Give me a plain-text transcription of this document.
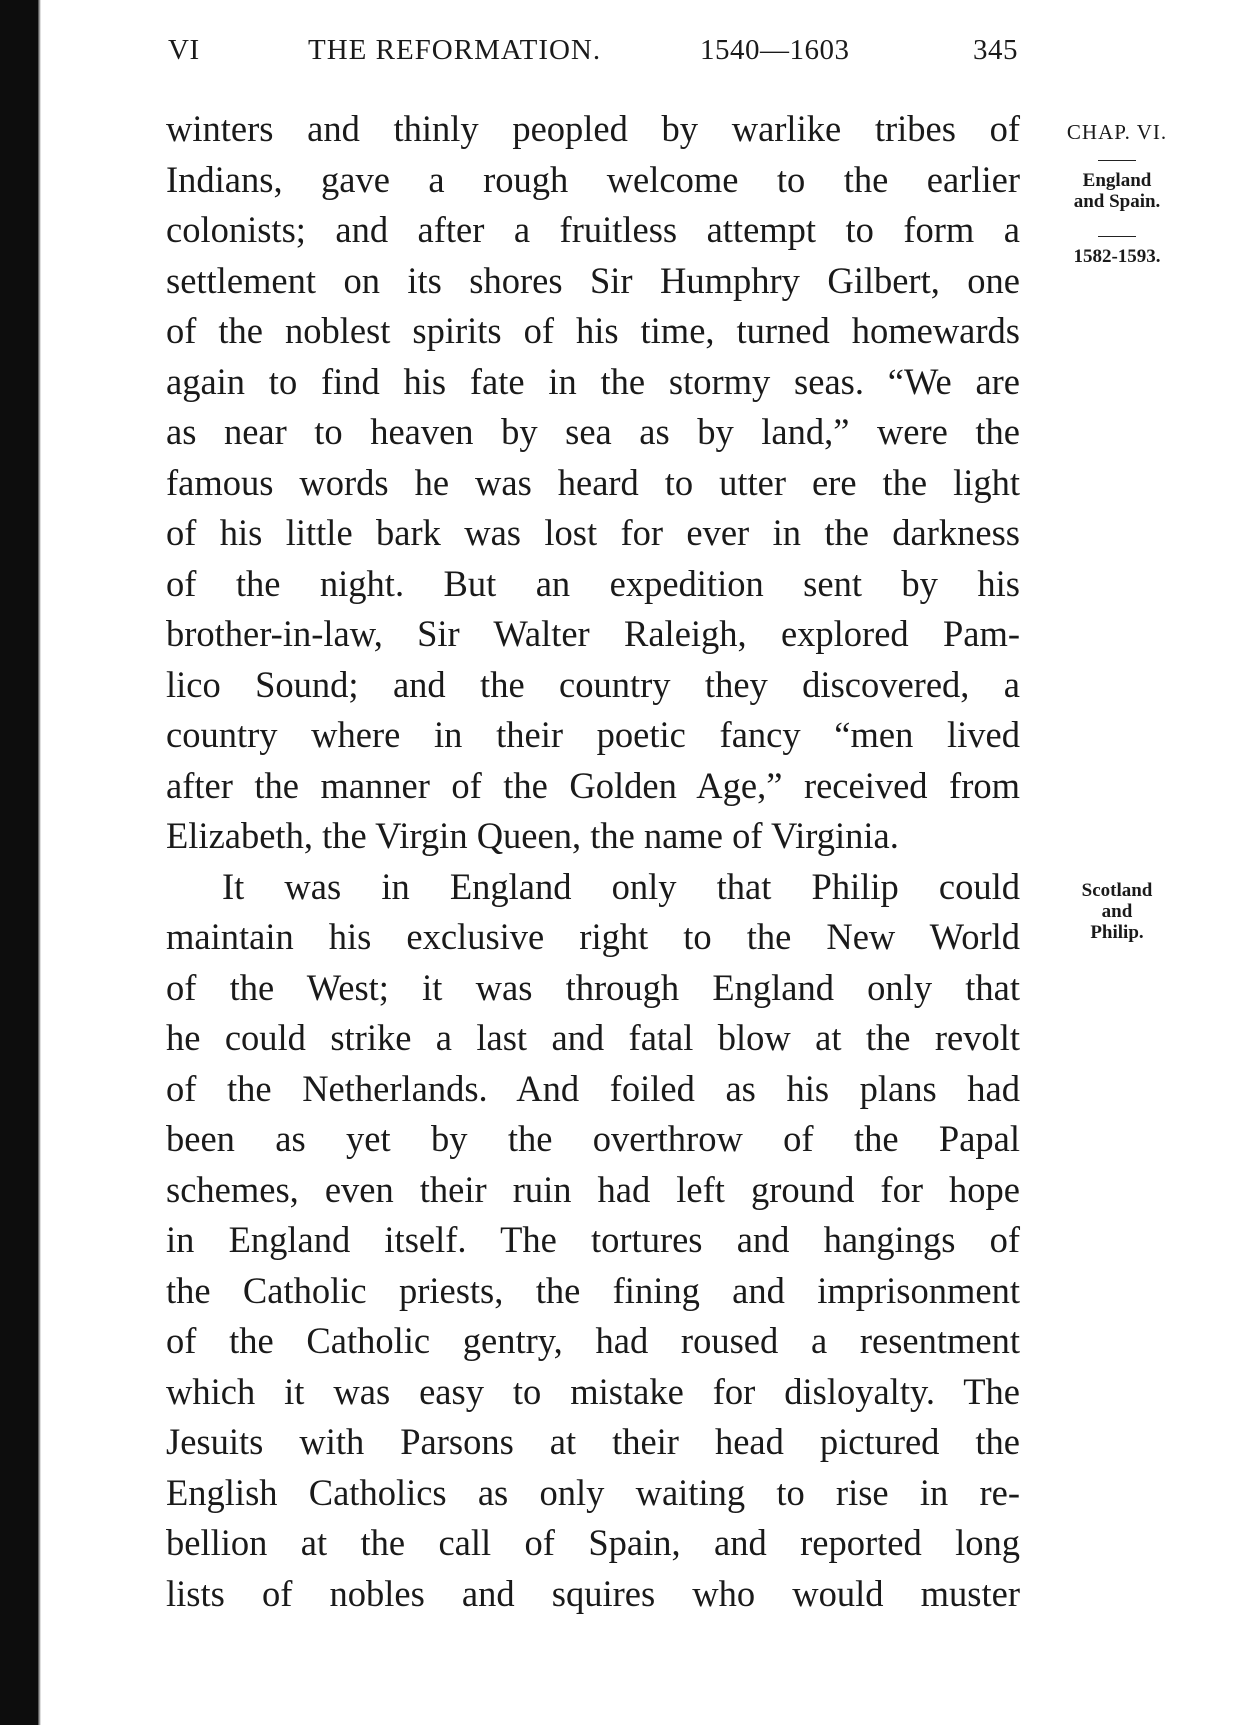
VI	THE REFORMATION.	1540—1603	345
winters and thinly peopled by warlike tribes of
Indians, gave a rough welcome to the earlier
colonists; and after a fruitless attempt to form a
settlement on its shores Sir Humphry Gilbert, one
of the noblest spirits of his time, turned homewards
again to find his fate in the stormy seas. “We are
as near to heaven by sea as by land,” were the
famous words he was heard to utter ere the light
of his little bark was lost for ever in the darkness
of the night. But an expedition sent by his
brother-in-law, Sir Walter Raleigh, explored Pam-
lico Sound; and the country they discovered, a
country where in their poetic fancy “men lived
after the manner of the Golden Age,” received from
Elizabeth, the Virgin Queen, the name of Virginia.
It was in England only that Philip could
maintain his exclusive right to the New World
of the West; it was through England only that
he could strike a last and fatal blow at the revolt
of the Netherlands. And foiled as his plans had
been as yet by the overthrow of the Papal
schemes, even their ruin had left ground for hope
in England itself. The tortures and hangings of
the Catholic priests, the fining and imprisonment
of the Catholic gentry, had roused a resentment
which it was easy to mistake for disloyalty. The
Jesuits with Parsons at their head pictured the
English Catholics as only waiting to rise in re-
bellion at the call of Spain, and reported long
lists of nobles and squires who would muster
CHAP. VI.
England
and Spain.
1582-1593.
Scotland
and
Philip.
